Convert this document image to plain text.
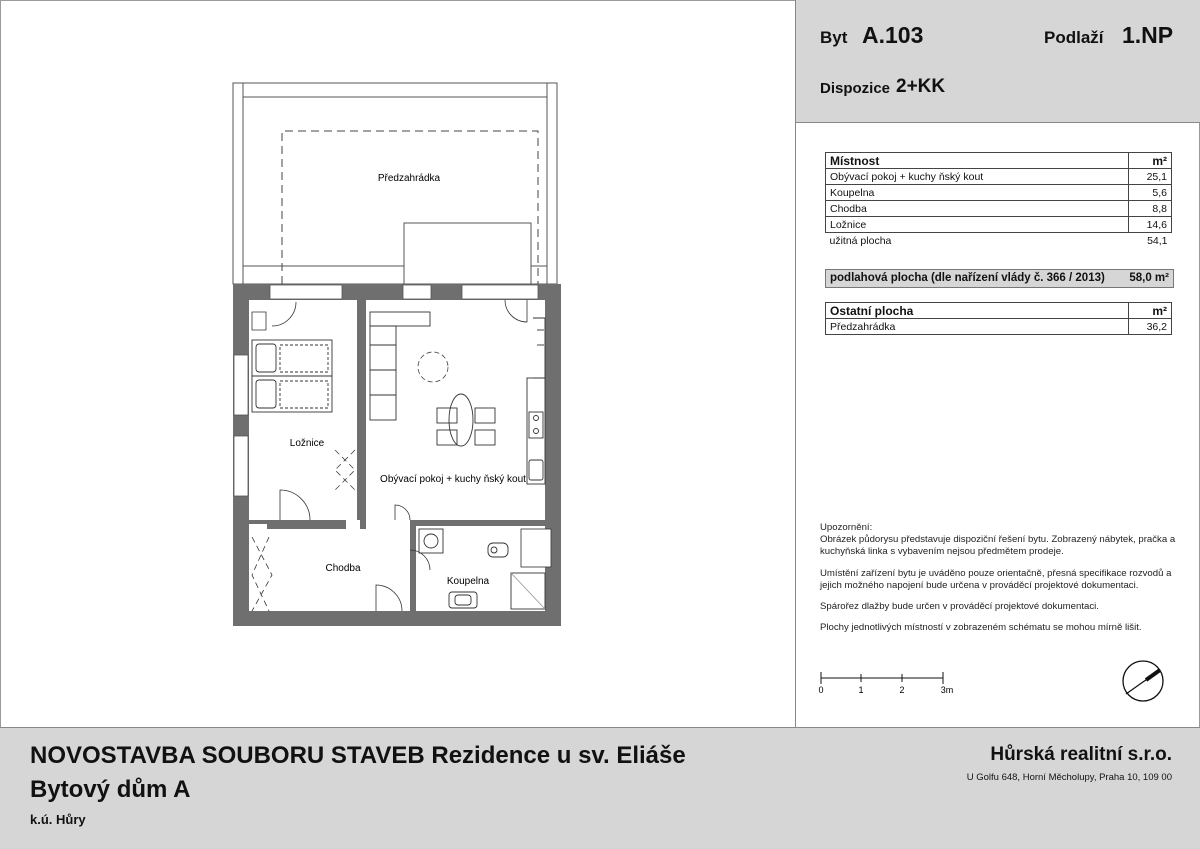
Předzahrádka
Ložnice
Obývací pokoj + kuchy ňský kout
Chodba
Koupelna
0	1	2	3m
Byt A.103	Podlaží 1.NP
Dispozice 2+KK
Místnost	m²
Obývací pokoj + kuchy ňský kout	25,1
Koupelna	5,6
Chodba	8,8
Ložnice	14,6
užitná plocha	54,1
podlahová plocha (dle nařízení vlády č. 366 / 2013) 58,0 m²
Ostatní plocha	m²
Předzahrádka	36,2

Upozornění:
Obrázek půdorysu představuje dispoziční řešení bytu. Zobrazený nábytek, pračka a kuchyňská linka s vybavením nejsou předmětem prodeje.

Umístění zařízení bytu je uváděno pouze orientačně, přesná specifikace rozvodů a jejich možného napojení bude určena v prováděcí projektové dokumentaci.

Spárořez dlažby bude určen v prováděcí projektové dokumentaci.

Plochy jednotlivých místností v zobrazeném schématu se mohou mírně lišit.

NOVOSTAVBA SOUBORU STAVEB Rezidence u sv. Eliáše
Bytový dům A
k.ú. Hůry
Hůrská realitní s.r.o.
U Golfu 648, Horní Měcholupy, Praha 10, 109 00
